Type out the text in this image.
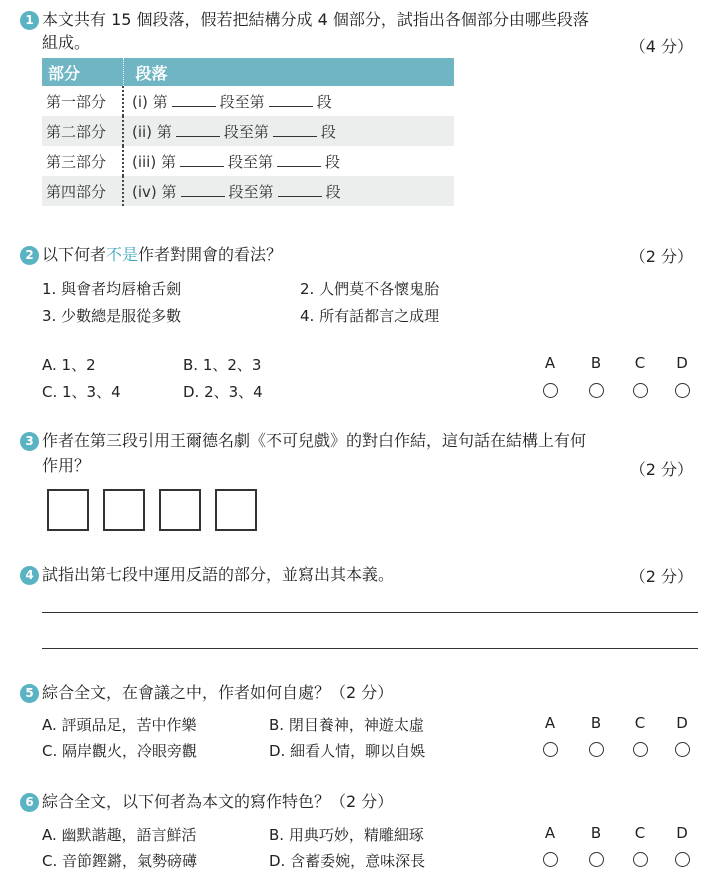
1 本文共有 15 個段落，假若把結構分成 4 個部分，試指出各個部分由哪些段落
組成。	（4 分）
部分	段落
第一部分	(i) 第 段至第 段
第二部分	(ii) 第 段至第 段
第三部分	(iii) 第 段至第 段
第四部分	(iv) 第 段至第 段
2 以下何者不是作者對開會的看法？	（2 分）
1. 與會者均唇槍舌劍	2. 人們莫不各懷鬼胎
3. 少數總是服從多數	4. 所有話都言之成理
A. 1、2	B. 1、2、3
C. 1、3、4	D. 2、3、4
A	B	C	D
3 作者在第三段引用王爾德名劇《不可兒戲》的對白作結，這句話在結構上有何
作用？	（2 分）
4 試指出第七段中運用反語的部分，並寫出其本義。	（2 分）
5 綜合全文，在會議之中，作者如何自處？（2 分）
A. 評頭品足，苦中作樂	B. 閉目養神，神遊太虛
C. 隔岸觀火，冷眼旁觀	D. 細看人情，聊以自娛
A	B	C	D
6 綜合全文，以下何者為本文的寫作特色？（2 分）
A. 幽默諧趣，語言鮮活	B. 用典巧妙，精雕細琢
C. 音節鏗鏘，氣勢磅礡	D. 含蓄委婉，意味深長
A	B	C	D
